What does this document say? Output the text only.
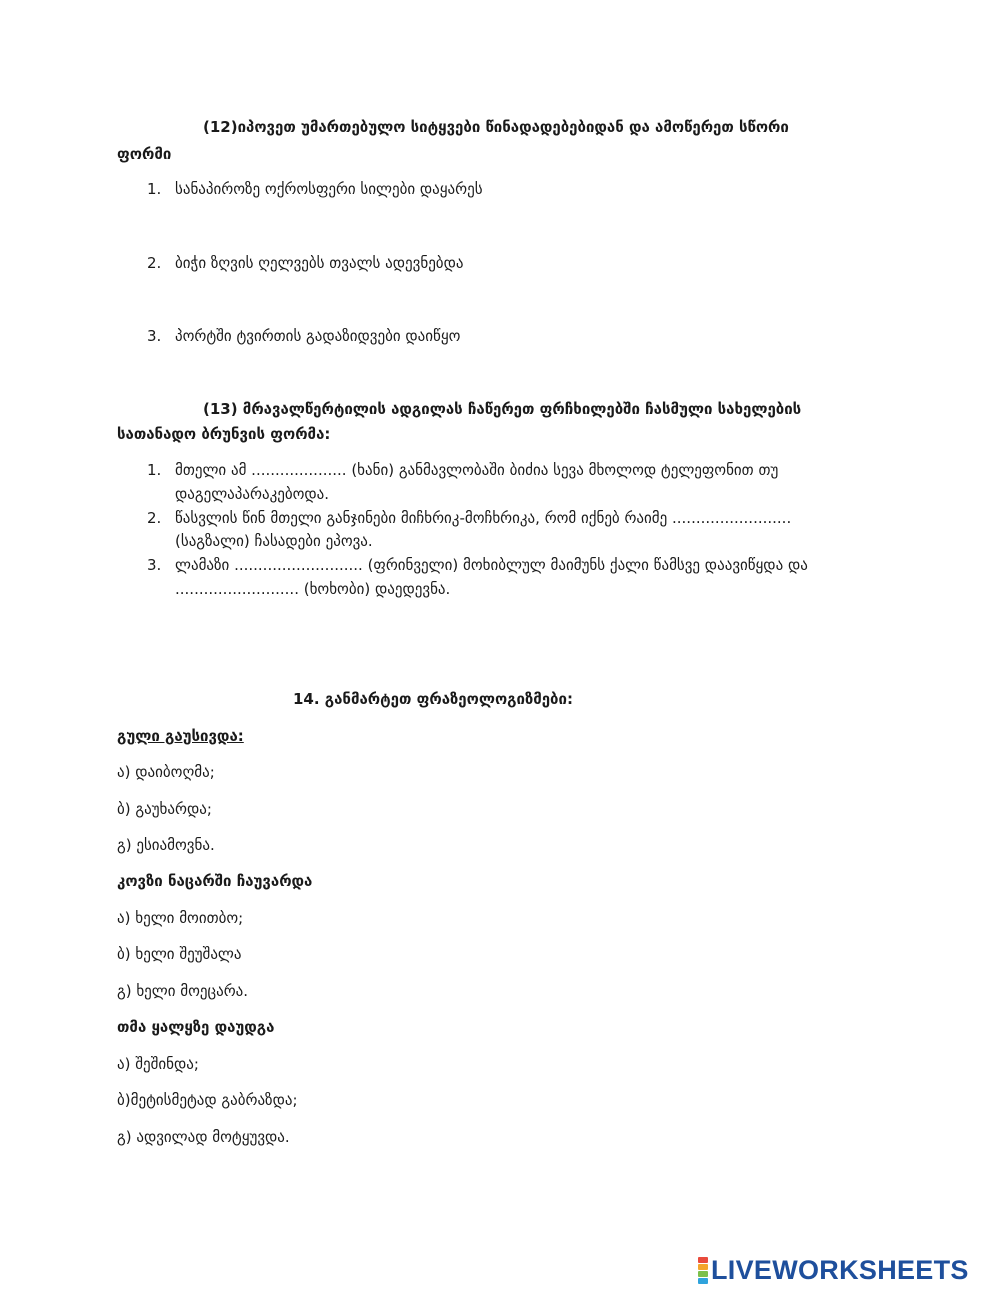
(12)იპოვეთ უმართებულო სიტყვები წინადადებებიდან და ამოწერეთ სწორი
ფორმი
1. სანაპიროზე ოქროსფერი სილები დაყარეს
2. ბიჭი ზღვის ღელვებს თვალს ადევნებდა
3. პორტში ტვირთის გადაზიდვები დაიწყო
(13) მრავალწერტილის ადგილას ჩაწერეთ ფრჩხილებში ჩასმული სახელების
სათანადო ბრუნვის ფორმა:
1. მთელი ამ .................... (ხანი) განმავლობაში ბიძია სევა მხოლოდ ტელეფონით თუ
დაგელაპარაკებოდა.
2. წასვლის წინ მთელი განჯინები მიჩხრიკ-მოჩხრიკა, რომ იქნებ რაიმე .........................
(საგზალი) ჩასადები ეპოვა.
3. ლამაზი ........................... (ფრინველი) მოხიბლულ მაიმუნს ქალი წამსვე დაავიწყდა და
.......................... (ხოხობი) დაედევნა.
14. განმარტეთ ფრაზეოლოგიზმები:
გული გაუსივდა:
ა) დაიბოღმა;
ბ) გაუხარდა;
გ) ესიამოვნა.
კოვზი ნაცარში ჩაუვარდა
ა) ხელი მოითბო;
ბ) ხელი შეუშალა
გ) ხელი მოეცარა.
თმა ყალყზე დაუდგა
ა) შეშინდა;
ბ)მეტისმეტად გაბრაზდა;
გ) ადვილად მოტყუვდა.
LIVEWORKSHEETS
